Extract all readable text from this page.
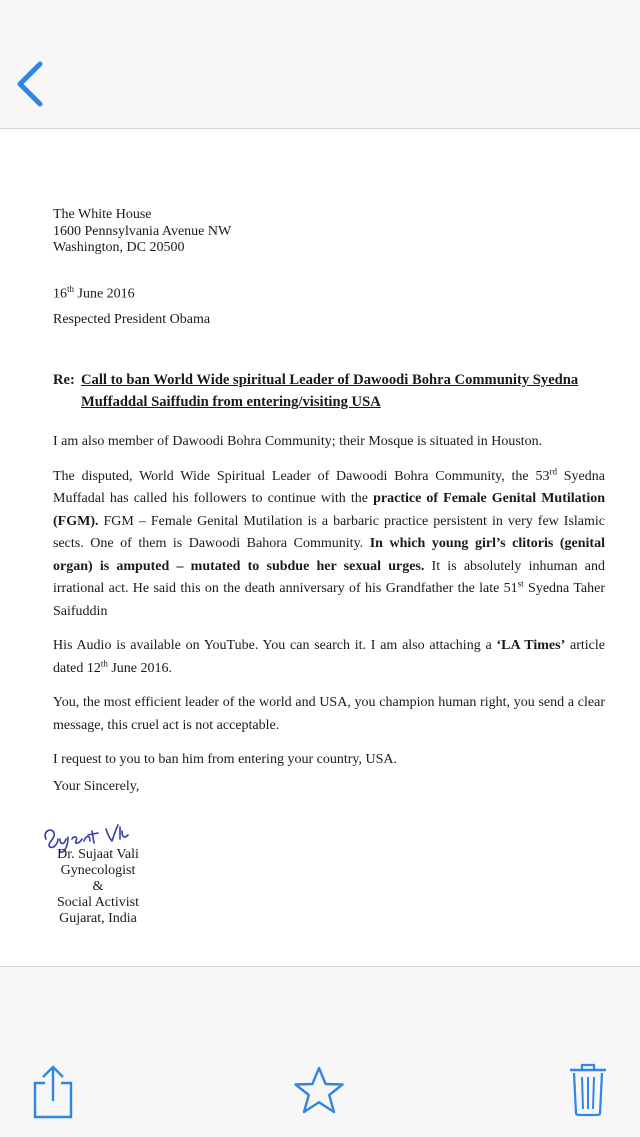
The White House
1600 Pennsylvania Avenue NW
Washington, DC 20500
16th June 2016
Respected President Obama
Re: Call to ban World Wide spiritual Leader of Dawoodi Bohra Community Syedna
Muffaddal Saiffudin from entering/visiting USA

I am also member of Dawoodi Bohra Community; their Mosque is situated in Houston.

The disputed, World Wide Spiritual Leader of Dawoodi Bohra Community, the 53rd Syedna Muffadal has called his followers to continue with the practice of Female Genital Mutilation (FGM). FGM – Female Genital Mutilation is a barbaric practice persistent in very few Islamic sects. One of them is Dawoodi Bahora Community. In which young girl’s clitoris (genital organ) is amputed – mutated to subdue her sexual urges. It is absolutely inhuman and irrational act. He said this on the death anniversary of his Grandfather the late 51st Syedna Taher Saifuddin

His Audio is available on YouTube. You can search it. I am also attaching a ‘LA Times’ article dated 12th June 2016.

You, the most efficient leader of the world and USA, you champion human right, you send a clear message, this cruel act is not acceptable.

I request to you to ban him from entering your country, USA.

Your Sincerely,
Dr. Sujaat Vali
Gynecologist
&
Social Activist
Gujarat, India
